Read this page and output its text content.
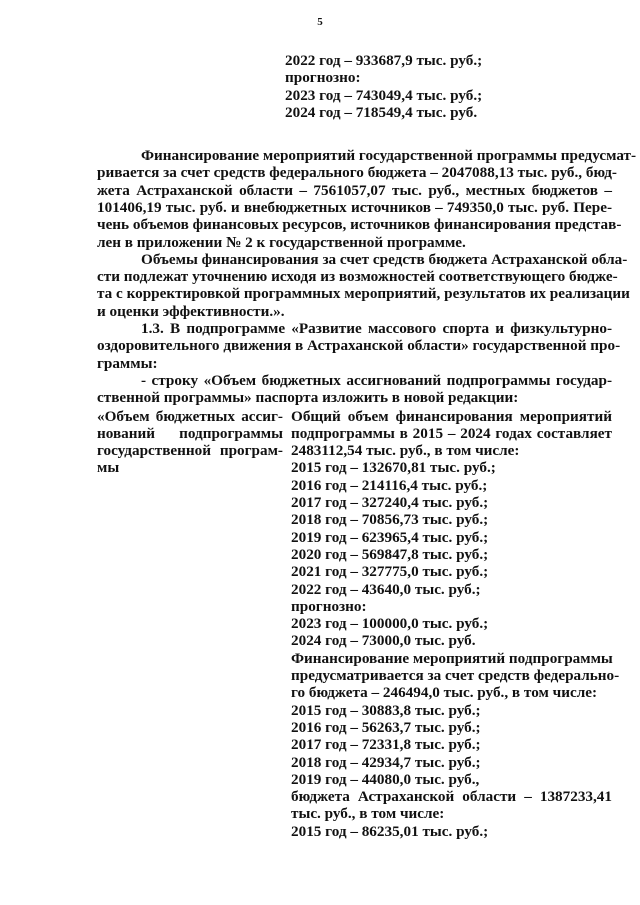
5
2022 год – 933687,9 тыс. руб.;
прогнозно:
2023 год – 743049,4 тыс. руб.;
2024 год – 718549,4 тыс. руб.
Финансирование мероприятий государственной программы предусмат-
ривается за счет средств федерального бюджета – 2047088,13 тыс. руб., бюд-
жета Астраханской области – 7561057,07 тыс. руб., местных бюджетов –
101406,19 тыс. руб. и внебюджетных источников – 749350,0 тыс. руб. Пере-
чень объемов финансовых ресурсов, источников финансирования представ-
лен в приложении № 2 к государственной программе.
Объемы финансирования за счет средств бюджета Астраханской обла-
сти подлежат уточнению исходя из возможностей соответствующего бюдже-
та с корректировкой программных мероприятий, результатов их реализации
и оценки эффективности.».
1.3. В подпрограмме «Развитие массового спорта и физкультурно-
оздоровительного движения в Астраханской области» государственной про-
граммы:
- строку «Объем бюджетных ассигнований подпрограммы государ-
ственной программы» паспорта изложить в новой редакции:
«Объем бюджетных ассиг-
нований подпрограммы
государственной програм-
мы
Общий объем финансирования мероприятий
подпрограммы в 2015 – 2024 годах составляет
2483112,54 тыс. руб., в том числе:
2015 год – 132670,81 тыс. руб.;
2016 год – 214116,4 тыс. руб.;
2017 год – 327240,4 тыс. руб.;
2018 год – 70856,73 тыс. руб.;
2019 год – 623965,4 тыс. руб.;
2020 год – 569847,8 тыс. руб.;
2021 год – 327775,0 тыс. руб.;
2022 год – 43640,0 тыс. руб.;
прогнозно:
2023 год – 100000,0 тыс. руб.;
2024 год – 73000,0 тыс. руб.
Финансирование мероприятий подпрограммы
предусматривается за счет средств федерально-
го бюджета – 246494,0 тыс. руб., в том числе:
2015 год – 30883,8 тыс. руб.;
2016 год – 56263,7 тыс. руб.;
2017 год – 72331,8 тыс. руб.;
2018 год – 42934,7 тыс. руб.;
2019 год – 44080,0 тыс. руб.,
бюджета Астраханской области – 1387233,41
тыс. руб., в том числе:
2015 год – 86235,01 тыс. руб.;
